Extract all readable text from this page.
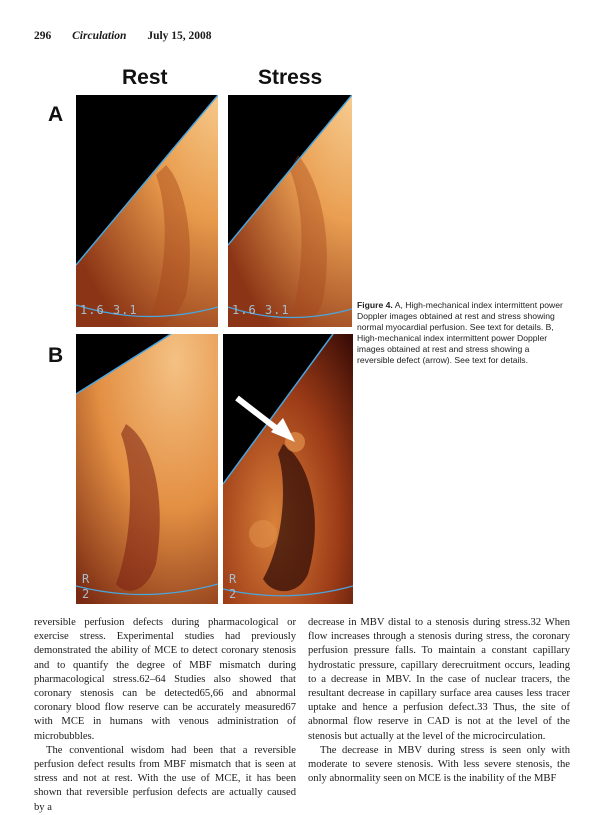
296 Circulation July 15, 2008
Rest	Stress
A
B
1.6 3.1	1.6 3.1
R
2
R
2
Figure 4. A, High-mechanical index intermittent power Doppler images obtained at rest and stress showing normal myocardial perfusion. See text for details. B, High-mechanical index intermittent power Doppler images obtained at rest and stress showing a reversible defect (arrow). See text for details.

reversible perfusion defects during pharmacological or exercise stress. Experimental studies had previously demonstrated the ability of MCE to detect coronary stenosis and to quantify the degree of MBF mismatch during pharmacological stress.62–64 Studies also showed that coronary stenosis can be detected65,66 and abnormal coronary blood flow reserve can be accurately measured67 with MCE in humans with venous administration of microbubbles.

The conventional wisdom had been that a reversible perfusion defect results from MBF mismatch that is seen at stress and not at rest. With the use of MCE, it has been shown that reversible perfusion defects are actually caused by a

decrease in MBV distal to a stenosis during stress.32 When flow increases through a stenosis during stress, the coronary perfusion pressure falls. To maintain a constant capillary hydrostatic pressure, capillary derecruitment occurs, leading to a decrease in MBV. In the case of nuclear tracers, the resultant decrease in capillary surface area causes less tracer uptake and hence a perfusion defect.33 Thus, the site of abnormal flow reserve in CAD is not at the level of the stenosis but actually at the level of the microcirculation.

The decrease in MBV during stress is seen only with moderate to severe stenosis. With less severe stenosis, the only abnormality seen on MCE is the inability of the MBF
